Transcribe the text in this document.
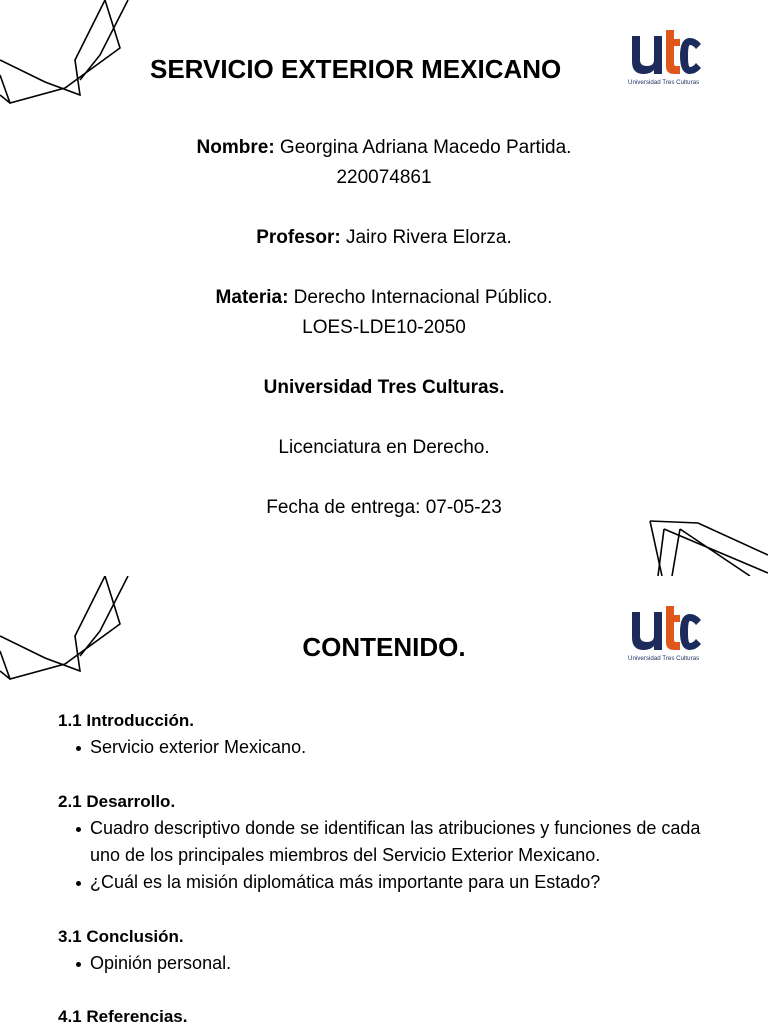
SERVICIO EXTERIOR MEXICANO	Universidad Tres Culturas
Nombre: Georgina Adriana Macedo Partida.
220074861
Profesor: Jairo Rivera Elorza.
Materia: Derecho Internacional Público.
LOES-LDE10-2050
Universidad Tres Culturas.
Licenciatura en Derecho.
Fecha de entrega: 07-05-23
CONTENIDO.	Universidad Tres Culturas
1.1 Introducción.
Servicio exterior Mexicano.
2.1 Desarrollo.
Cuadro descriptivo donde se identifican las atribuciones y funciones de cada uno de los principales miembros del Servicio Exterior Mexicano.
¿Cuál es la misión diplomática más importante para un Estado?
3.1 Conclusión.
Opinión personal.
4.1 Referencias.
